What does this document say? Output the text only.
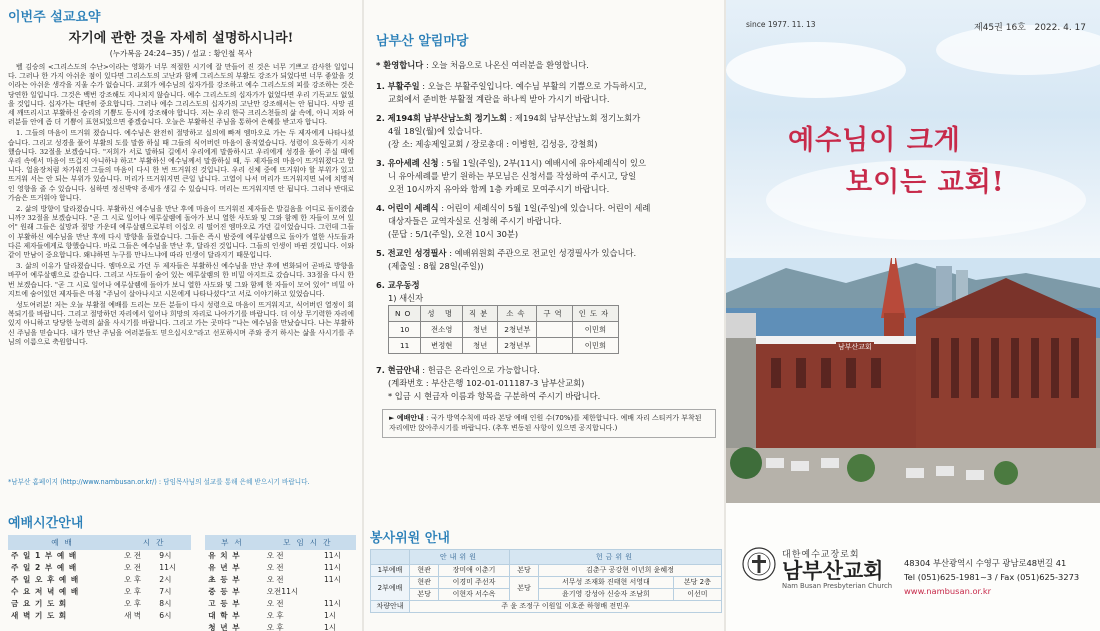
이번주 설교요약
자기에 관한 것을 자세히 설명하시니라!
(누가복음 24:24~35) / 설교 : 황인철 목사

벨 김승의 <그리스도의 수난>이라는 영화가 너무 적절한 시기에 잘 만들어 진 것은 너무 기쁘고 감사한 일입니다. 그러나 한 가지 아쉬운 점이 있다면 그리스도의 고난과 함께 그리스도의 부활도 강조가 되었다면 너무 좋았을 것이라는 아쉬운 생각을 지울 수가 없습니다. 교회가 예수님의 십자가를 강조하고 예수 그리스도의 피를 강조하는 것은 당연한 일입니다. 그것은 백번 강조해도 지나치지 않습니다. 예수 그리스도의 십자가가 없었다면 우리 기독교도 없었을 것입니다. 십자가는 대단히 중요합니다. 그러나 예수 그리스도의 십자가의 고난만 강조해서는 안 됩니다. 사망 권세 깨뜨리시고 부활하신 승리의 기쁨도 동시에 강조해야 합니다. 저는 우리 한국 크리스천들의 삶 속에, 아니 저와 여러분들 안에 좀 더 기쁨이 표현되었으면 좋겠습니다. 오늘은 부활하신 주님을 통하여 은혜를 받고자 합니다.

1. 그들의 마음이 뜨거워 졌습니다. 예수님은 완전히 절망하고 실의에 빠져 엠마오로 가는 두 제자에게 나타나셨습니다. 그리고 성경을 풀어 부활의 도를 말씀 하실 때 그들의 식어버린 마음이 움직였습니다. 성령이 요동하기 시작했습니다. 32절을 보겠습니다. "저희가 서로 말하되 길에서 우리에게 말씀하시고 우리에게 성경을 풀어 주실 때에 우리 속에서 마음이 뜨겁지 아니하냐 하고" 부활하신 예수님께서 말씀하실 때, 두 제자들의 마음이 뜨거워졌다고 합니다. 얼음장처럼 차가워진 그들의 마음이 다시 한 번 뜨거워진 것입니다. 우리 신체 중에 뜨거워야 할 부위가 있고 뜨거워 서는 안 되는 부위가 있습니다. 머리가 뜨거워지면 큰일 납니다. 고열이 나서 머리가 뜨거워지면 뇌에 치명적인 영향을 줄 수 있습니다. 심하면 정신박약 증세가 생길 수 있습니다. 머리는 뜨거워지면 안 됩니다. 그러나 반대로 가슴은 뜨거워야 합니다.

2. 삶의 방향이 달라졌습니다. 부활하신 예수님을 만난 후에 마음이 뜨거워진 제자들은 발걸음을 어디로 돌이켰습니까? 32절을 보겠습니다. "곧 그 시로 일어나 예루살렘에 돌아가 보니 열한 사도와 및 그와 함께 한 자들이 모여 있어" 원래 그들은 실망과 절망 가운데 예루살렘으로부터 이십오 리 떨어진 엠마오로 가던 길이었습니다. 그런데 그들이 부활하신 예수님을 만난 후에 다시 방향을 돌렸습니다. 그들은 즉시 밤중에 예루살렘으로 돌아가 열한 사도들과 다른 제자들에게로 향했습니다. 바로 그들은 예수님을 만난 후, 달라진 것입니다. 그들의 인생이 바뀐 것입니다. 이와 같이 만남이 중요합니다. 왜냐하면 누구를 만나느냐에 따라 인생이 달라지기 때문입니다.

3. 삶의 이유가 달라졌습니다. 엠마오로 가던 두 제자들은 부활하신 예수님을 만난 후에 변화되어 곧바로 방향을 바꾸어 예루살렘으로 갔습니다. 그리고 사도들이 숨어 있는 예루살렘의 한 비밀 아지트로 갔습니다. 33절을 다시 한 번 보겠습니다. "곧 그 시로 일어나 예루살렘에 돌아가 보니 열한 사도와 및 그와 함께 한 자들이 모여 있어" 비밀 아지트에 숨어있던 제자들은 마침 "주님이 살아나시고 시몬에게 나타나셨다"고 서로 이야기하고 있었습니다.

성도여러분! 저는 오늘 부활절 예배를 드리는 모든 분들이 다시 성령으로 마음이 뜨거워지고, 식어버린 열정이 회복되기를 바랍니다. 그리고 절망하던 자리에서 일어나 희망의 자리로 나아가기를 바랍니다. 더 이상 무기력한 자리에 있지 아니하고 당당한 능력의 삶을 사시기를 바랍니다. 그리고 가는 곳마다 "나는 예수님을 만났습니다. 나는 부활하신 주님을 믿습니다. 내가 만난 주님을 여러분들도 믿으십시오"라고 선포하시며 주와 증거 하시는 삶을 사시기를 주님의 이름으로 축원합니다.

*남부산 홈페이지 (http://www.nambusan.or.kr/) : 담임목사님의 설교를 통해 은혜 받으시기 바랍니다.
예배시간안내
예배	시간			부서	모임시간	
주 일 1 부 예 배	오 전	9시		유 치 부	오 전	11시
주 일 2 부 예 배	오 전	11시		유 년 부	오 전	11시
주 일 오 후 예 배	오 후	2시		초 등 부	오 전	11시
수 요 저 녁 예 배	오 후	7시		중 등 부	오전11시	
금 요 기 도 회	오 후	8시		고 등 부	오 전	11시
새 벽 기 도 회	새 벽	6시		대 학 부	오 후	1시
				청 년 부	오 후	1시
남부산 알림마당
* 환영합니다 : 오늘 처음으로 나온신 여러분을 환영합니다.
1. 부활주일 : 오늘은 부활주일입니다. 예수님 부활의 기쁨으로 가득하시고,
교회에서 준비한 부활절 계란을 하나씩 받아 가시기 바랍니다.
2. 제194회 남부산남노회 정기노회 : 제194회 남부산남노회 정기노회가
4월 18일(월)에 있습니다.
(장 소: 제송제일교회 / 장로총대 : 이병헌, 김성응, 강철희)
3. 유아세례 신청 : 5월 1일(주일), 2부(11시) 예배시에 유아세례식이 있으
니 유아세례를 받기 원하는 부모님은 신청서를 작성하여 주시고, 당일
오전 10시까지 유아와 함께 1층 카페로 모여주시기 바랍니다.
4. 어린이 세례식 : 어린이 세례식이 5월 1일(주일)에 있습니다. 어린이 세례
대상자들은 교역자실로 신청해 주시기 바랍니다.
(문답 : 5/1(주일), 오전 10시 30분)
5. 전교인 성경필사 : 예배위원회 주관으로 전교인 성경필사가 있습니다.
(제출일 : 8월 28일(주일))
6. 교우동정
1) 새신자
NO	성 명	직분	소속	구역	인도자
10	전소영	청년	2청년부		이민희
11	변정현	청년	2청년부		이민희
7. 현금안내 : 헌금은 온라인으로 가능합니다.
(계좌번호 : 부산은행 102-01-011187-3 남부산교회)
* 입금 시 현금자 이름과 항목을 구분하여 주시기 바랍니다.
► 예배안내 : 국가 방역수칙에 따라 본당 예배 인원 수(70%)를 제한합니다. 예배 자리 스티커가 부착된 자리에만 앉아주시기를 바랍니다. (추후 변동된 사항이 있으면 공지합니다.)
봉사위원 안내
	안내위원		헌금위원		
1부예배	현관	장미애 이춘기	본당	김춘구 공강현 이년희 윤혜정	
2부예배	현관	이경미 주선자	본당	서무성 조재화 진태현 서영대	본당 2층
	본당	이현자 서수옥		윤기영 강성아 신승자 조남희	이선미
차량안내	주 윤 조정구 이원일 이호준 하형배 전민우				
since 1977. 11. 13	제45권 16호 2022. 4. 17
예수님이 크게
보이는 교회!
남부산교회
대한예수교장로회
남부산교회
Nam Busan Presbyterian Church
48304 부산광역시 수영구 광남로48번길 41
Tel (051)625-1981~3 / Fax (051)625-3273
www.nambusan.or.kr
